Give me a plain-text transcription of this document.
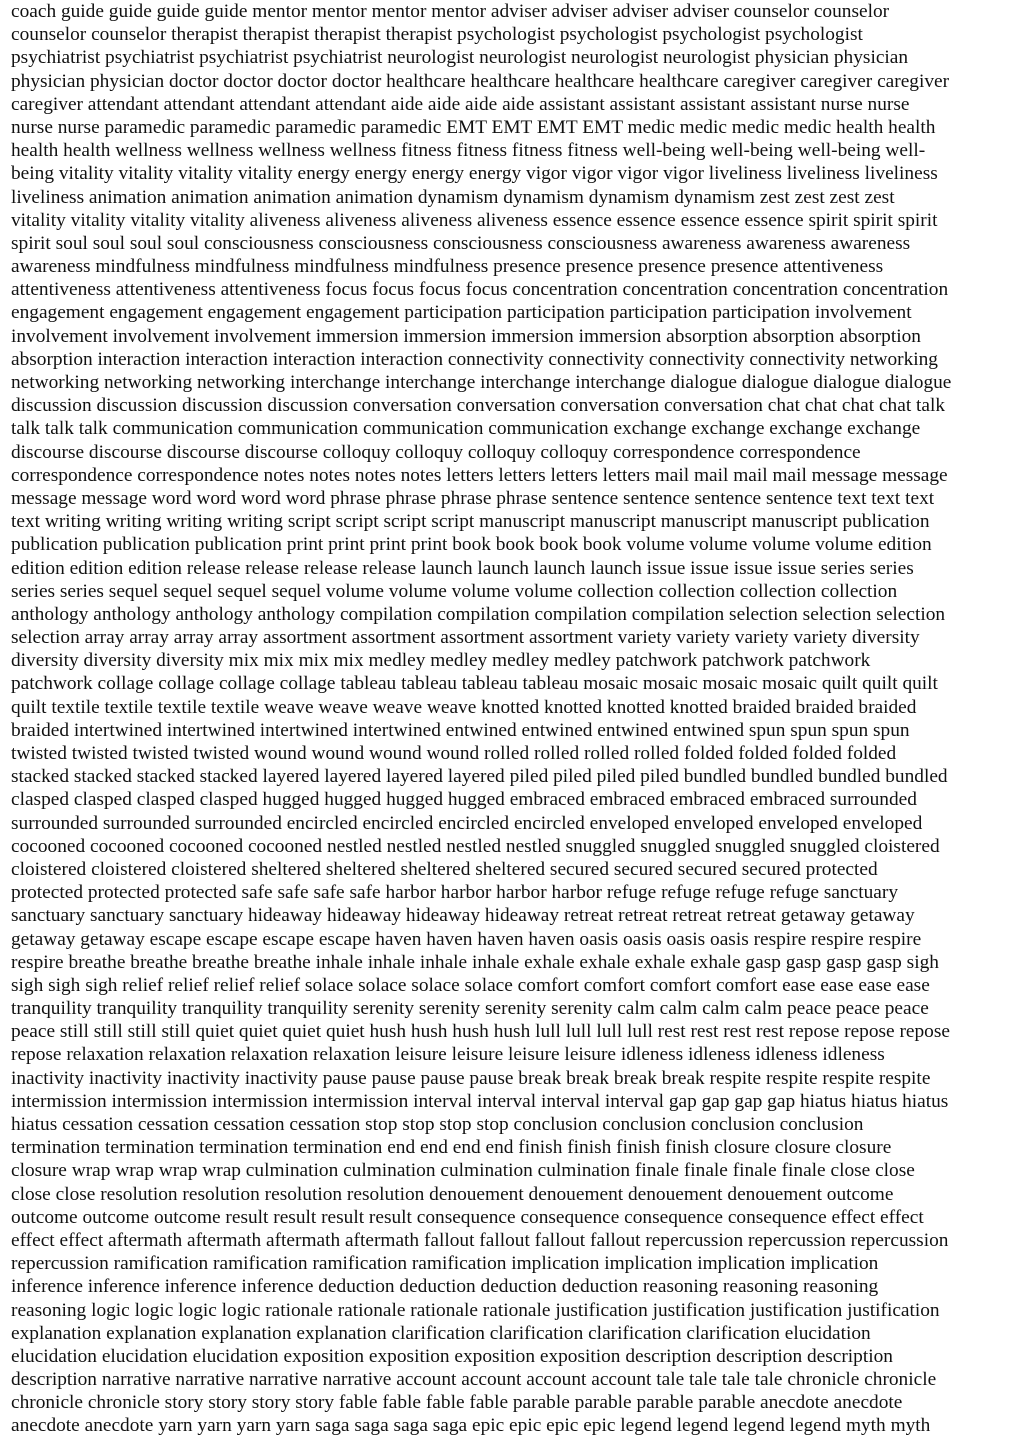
coach guide guide guide guide mentor mentor mentor mentor adviser adviser adviser adviser counselor counselor
counselor counselor therapist therapist therapist therapist psychologist psychologist psychologist psychologist
psychiatrist psychiatrist psychiatrist psychiatrist neurologist neurologist neurologist neurologist physician physician
physician physician doctor doctor doctor doctor healthcare healthcare healthcare healthcare caregiver caregiver caregiver
caregiver attendant attendant attendant attendant aide aide aide aide assistant assistant assistant assistant nurse nurse
nurse nurse paramedic paramedic paramedic paramedic EMT EMT EMT EMT medic medic medic medic health health
health health wellness wellness wellness wellness fitness fitness fitness fitness well-being well-being well-being well-
being vitality vitality vitality vitality energy energy energy energy vigor vigor vigor vigor liveliness liveliness liveliness
liveliness animation animation animation animation dynamism dynamism dynamism dynamism zest zest zest zest
vitality vitality vitality vitality aliveness aliveness aliveness aliveness essence essence essence essence spirit spirit spirit
spirit soul soul soul soul consciousness consciousness consciousness consciousness awareness awareness awareness
awareness mindfulness mindfulness mindfulness mindfulness presence presence presence presence attentiveness
attentiveness attentiveness attentiveness focus focus focus focus concentration concentration concentration concentration
engagement engagement engagement engagement participation participation participation participation involvement
involvement involvement involvement immersion immersion immersion immersion absorption absorption absorption
absorption interaction interaction interaction interaction connectivity connectivity connectivity connectivity networking
networking networking networking interchange interchange interchange interchange dialogue dialogue dialogue dialogue
discussion discussion discussion discussion conversation conversation conversation conversation chat chat chat chat talk
talk talk talk communication communication communication communication exchange exchange exchange exchange
discourse discourse discourse discourse colloquy colloquy colloquy colloquy correspondence correspondence
correspondence correspondence notes notes notes notes letters letters letters letters mail mail mail mail message message
message message word word word word phrase phrase phrase phrase sentence sentence sentence sentence text text text
text writing writing writing writing script script script script manuscript manuscript manuscript manuscript publication
publication publication publication print print print print book book book book volume volume volume volume edition
edition edition edition release release release release launch launch launch launch issue issue issue issue series series
series series sequel sequel sequel sequel volume volume volume volume collection collection collection collection
anthology anthology anthology anthology compilation compilation compilation compilation selection selection selection
selection array array array array assortment assortment assortment assortment variety variety variety variety diversity
diversity diversity diversity mix mix mix mix medley medley medley medley patchwork patchwork patchwork
patchwork collage collage collage collage tableau tableau tableau tableau mosaic mosaic mosaic mosaic quilt quilt quilt
quilt textile textile textile textile weave weave weave weave knotted knotted knotted knotted braided braided braided
braided intertwined intertwined intertwined intertwined entwined entwined entwined entwined spun spun spun spun
twisted twisted twisted twisted wound wound wound wound rolled rolled rolled rolled folded folded folded folded
stacked stacked stacked stacked layered layered layered layered piled piled piled piled bundled bundled bundled bundled
clasped clasped clasped clasped hugged hugged hugged hugged embraced embraced embraced embraced surrounded
surrounded surrounded surrounded encircled encircled encircled encircled enveloped enveloped enveloped enveloped
cocooned cocooned cocooned cocooned nestled nestled nestled nestled snuggled snuggled snuggled snuggled cloistered
cloistered cloistered cloistered sheltered sheltered sheltered sheltered secured secured secured secured protected
protected protected protected safe safe safe safe harbor harbor harbor harbor refuge refuge refuge refuge sanctuary
sanctuary sanctuary sanctuary hideaway hideaway hideaway hideaway retreat retreat retreat retreat getaway getaway
getaway getaway escape escape escape escape haven haven haven haven oasis oasis oasis oasis respire respire respire
respire breathe breathe breathe breathe inhale inhale inhale inhale exhale exhale exhale exhale gasp gasp gasp gasp sigh
sigh sigh sigh relief relief relief relief solace solace solace solace comfort comfort comfort comfort ease ease ease ease
tranquility tranquility tranquility tranquility serenity serenity serenity serenity calm calm calm calm peace peace peace
peace still still still still quiet quiet quiet quiet hush hush hush hush lull lull lull lull rest rest rest rest repose repose repose
repose relaxation relaxation relaxation relaxation leisure leisure leisure leisure idleness idleness idleness idleness
inactivity inactivity inactivity inactivity pause pause pause pause break break break break respite respite respite respite
intermission intermission intermission intermission interval interval interval interval gap gap gap gap hiatus hiatus hiatus
hiatus cessation cessation cessation cessation stop stop stop stop conclusion conclusion conclusion conclusion
termination termination termination termination end end end end finish finish finish finish closure closure closure
closure wrap wrap wrap wrap culmination culmination culmination culmination finale finale finale finale close close
close close resolution resolution resolution resolution denouement denouement denouement denouement outcome
outcome outcome outcome result result result result consequence consequence consequence consequence effect effect
effect effect aftermath aftermath aftermath aftermath fallout fallout fallout fallout repercussion repercussion repercussion
repercussion ramification ramification ramification ramification implication implication implication implication
inference inference inference inference deduction deduction deduction deduction reasoning reasoning reasoning
reasoning logic logic logic logic rationale rationale rationale rationale justification justification justification justification
explanation explanation explanation explanation clarification clarification clarification clarification elucidation
elucidation elucidation elucidation exposition exposition exposition exposition description description description
description narrative narrative narrative narrative account account account account tale tale tale tale chronicle chronicle
chronicle chronicle story story story story fable fable fable fable parable parable parable parable anecdote anecdote
anecdote anecdote yarn yarn yarn yarn saga saga saga saga epic epic epic epic legend legend legend legend myth myth
